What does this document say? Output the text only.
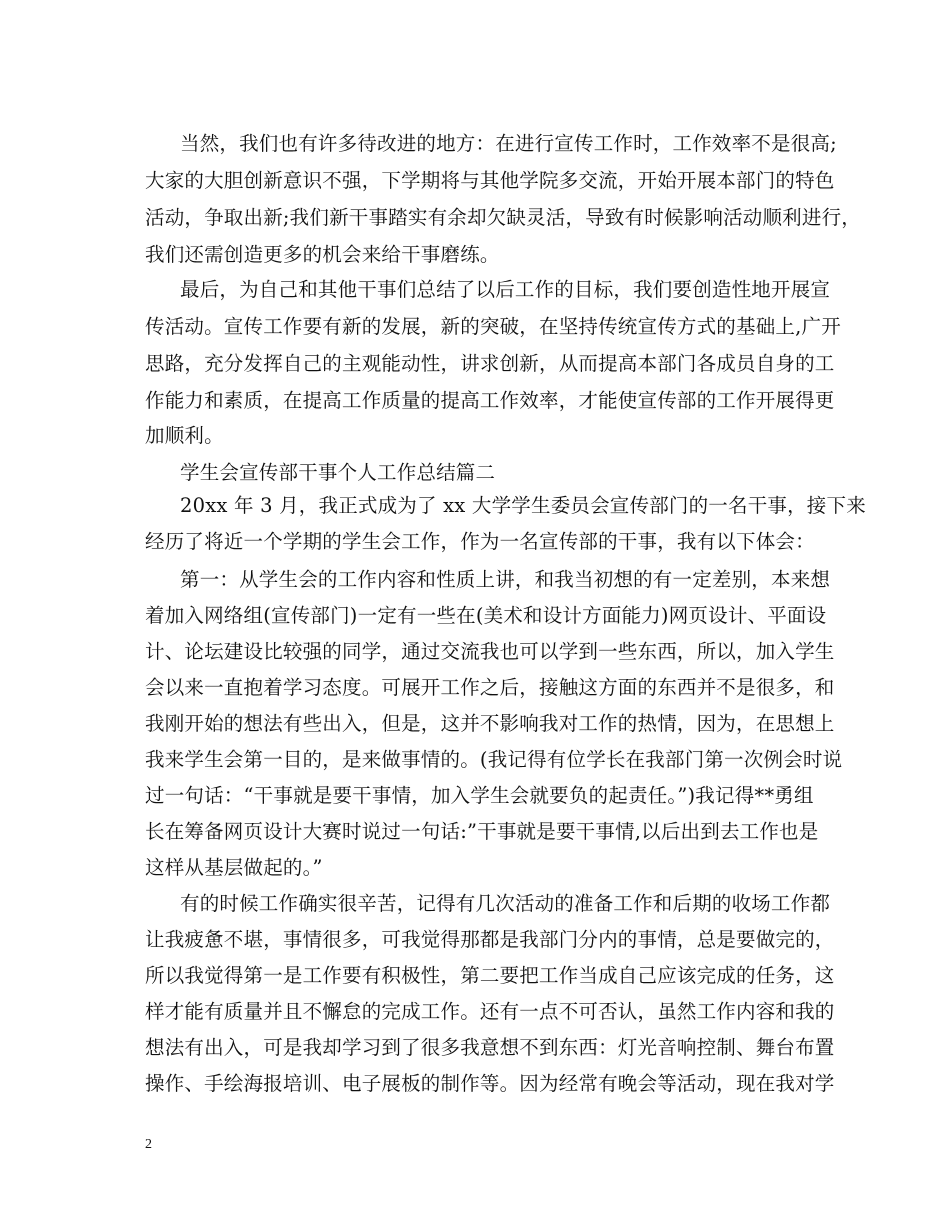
当然，我们也有许多待改进的地方：在进行宣传工作时，工作效率不是很高;
大家的大胆创新意识不强，下学期将与其他学院多交流，开始开展本部门的特色
活动，争取出新;我们新干事踏实有余却欠缺灵活，导致有时候影响活动顺利进行，
我们还需创造更多的机会来给干事磨练。
最后，为自己和其他干事们总结了以后工作的目标，我们要创造性地开展宣
传活动。宣传工作要有新的发展，新的突破，在坚持传统宣传方式的基础上,广开
思路，充分发挥自己的主观能动性，讲求创新，从而提高本部门各成员自身的工
作能力和素质，在提高工作质量的提高工作效率，才能使宣传部的工作开展得更
加顺利。
学生会宣传部干事个人工作总结篇二
20xx 年 3 月，我正式成为了 xx 大学学生委员会宣传部门的一名干事，接下来
经历了将近一个学期的学生会工作，作为一名宣传部的干事，我有以下体会：
第一：从学生会的工作内容和性质上讲，和我当初想的有一定差别，本来想
着加入网络组(宣传部门)一定有一些在(美术和设计方面能力)网页设计、平面设
计、论坛建设比较强的同学，通过交流我也可以学到一些东西，所以，加入学生
会以来一直抱着学习态度。可展开工作之后，接触这方面的东西并不是很多，和
我刚开始的想法有些出入，但是，这并不影响我对工作的热情，因为，在思想上
我来学生会第一目的，是来做事情的。(我记得有位学长在我部门第一次例会时说
过一句话：“干事就是要干事情，加入学生会就要负的起责任。”)我记得**勇组
长在筹备网页设计大赛时说过一句话:”干事就是要干事情,以后出到去工作也是
这样从基层做起的。”
有的时候工作确实很辛苦，记得有几次活动的准备工作和后期的收场工作都
让我疲惫不堪，事情很多，可我觉得那都是我部门分内的事情，总是要做完的，
所以我觉得第一是工作要有积极性，第二要把工作当成自己应该完成的任务，这
样才能有质量并且不懈怠的完成工作。还有一点不可否认，虽然工作内容和我的
想法有出入，可是我却学习到了很多我意想不到东西：灯光音响控制、舞台布置
操作、手绘海报培训、电子展板的制作等。因为经常有晚会等活动，现在我对学
2
